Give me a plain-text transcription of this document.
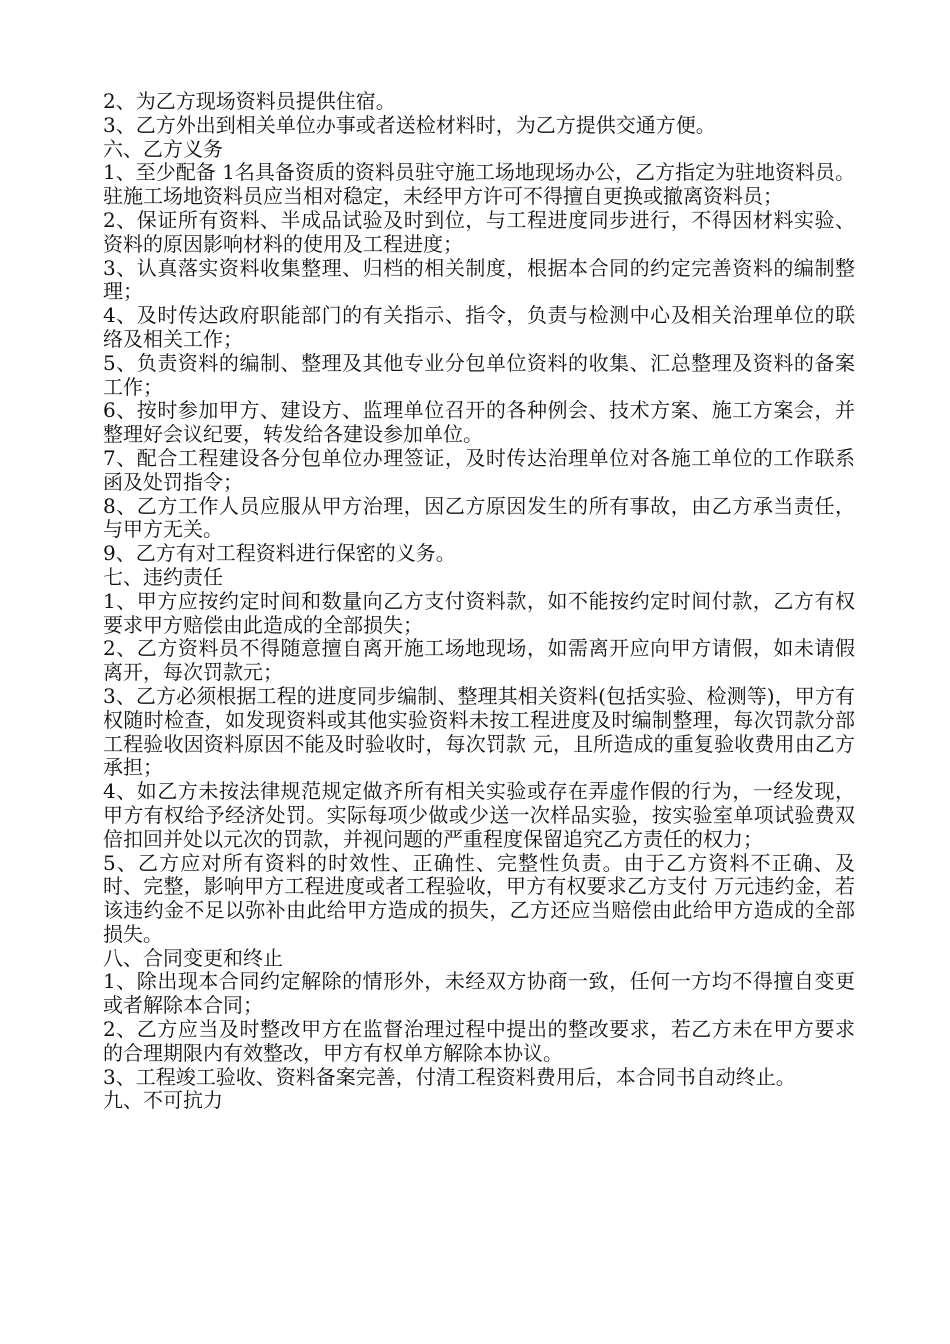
2、为乙方现场资料员提供住宿。

3、乙方外出到相关单位办事或者送检材料时，为乙方提供交通方便。

六、乙方义务

1、至少配备 1名具备资质的资料员驻守施工场地现场办公，乙方指定为驻地资料员。驻施工场地资料员应当相对稳定，未经甲方许可不得擅自更换或撤离资料员；

2、保证所有资料、半成品试验及时到位，与工程进度同步进行，不得因材料实验、资料的原因影响材料的使用及工程进度；

3、认真落实资料收集整理、归档的相关制度，根据本合同的约定完善资料的编制整理；

4、及时传达政府职能部门的有关指示、指令，负责与检测中心及相关治理单位的联络及相关工作；

5、负责资料的编制、整理及其他专业分包单位资料的收集、汇总整理及资料的备案工作；

6、按时参加甲方、建设方、监理单位召开的各种例会、技术方案、施工方案会，并整理好会议纪要，转发给各建设参加单位。

7、配合工程建设各分包单位办理签证，及时传达治理单位对各施工单位的工作联系函及处罚指令；

8、乙方工作人员应服从甲方治理，因乙方原因发生的所有事故，由乙方承当责任，与甲方无关。

9、乙方有对工程资料进行保密的义务。

七、违约责任

1、甲方应按约定时间和数量向乙方支付资料款，如不能按约定时间付款，乙方有权要求甲方赔偿由此造成的全部损失；

2、乙方资料员不得随意擅自离开施工场地现场，如需离开应向甲方请假，如未请假离开，每次罚款元；

3、乙方必须根据工程的进度同步编制、整理其相关资料(包括实验、检测等)，甲方有权随时检查，如发现资料或其他实验资料未按工程进度及时编制整理，每次罚款分部工程验收因资料原因不能及时验收时，每次罚款 元，且所造成的重复验收费用由乙方承担；

4、如乙方未按法律规范规定做齐所有相关实验或存在弄虚作假的行为，一经发现，甲方有权给予经济处罚。实际每项少做或少送一次样品实验，按实验室单项试验费双倍扣回并处以元次的罚款，并视问题的严重程度保留追究乙方责任的权力；

5、乙方应对所有资料的时效性、正确性、完整性负责。由于乙方资料不正确、及时、完整，影响甲方工程进度或者工程验收，甲方有权要求乙方支付 万元违约金，若该违约金不足以弥补由此给甲方造成的损失，乙方还应当赔偿由此给甲方造成的全部损失。

八、合同变更和终止

1、除出现本合同约定解除的情形外，未经双方协商一致，任何一方均不得擅自变更或者解除本合同；

2、乙方应当及时整改甲方在监督治理过程中提出的整改要求，若乙方未在甲方要求的合理期限内有效整改，甲方有权单方解除本协议。

3、工程竣工验收、资料备案完善，付清工程资料费用后，本合同书自动终止。

九、不可抗力
